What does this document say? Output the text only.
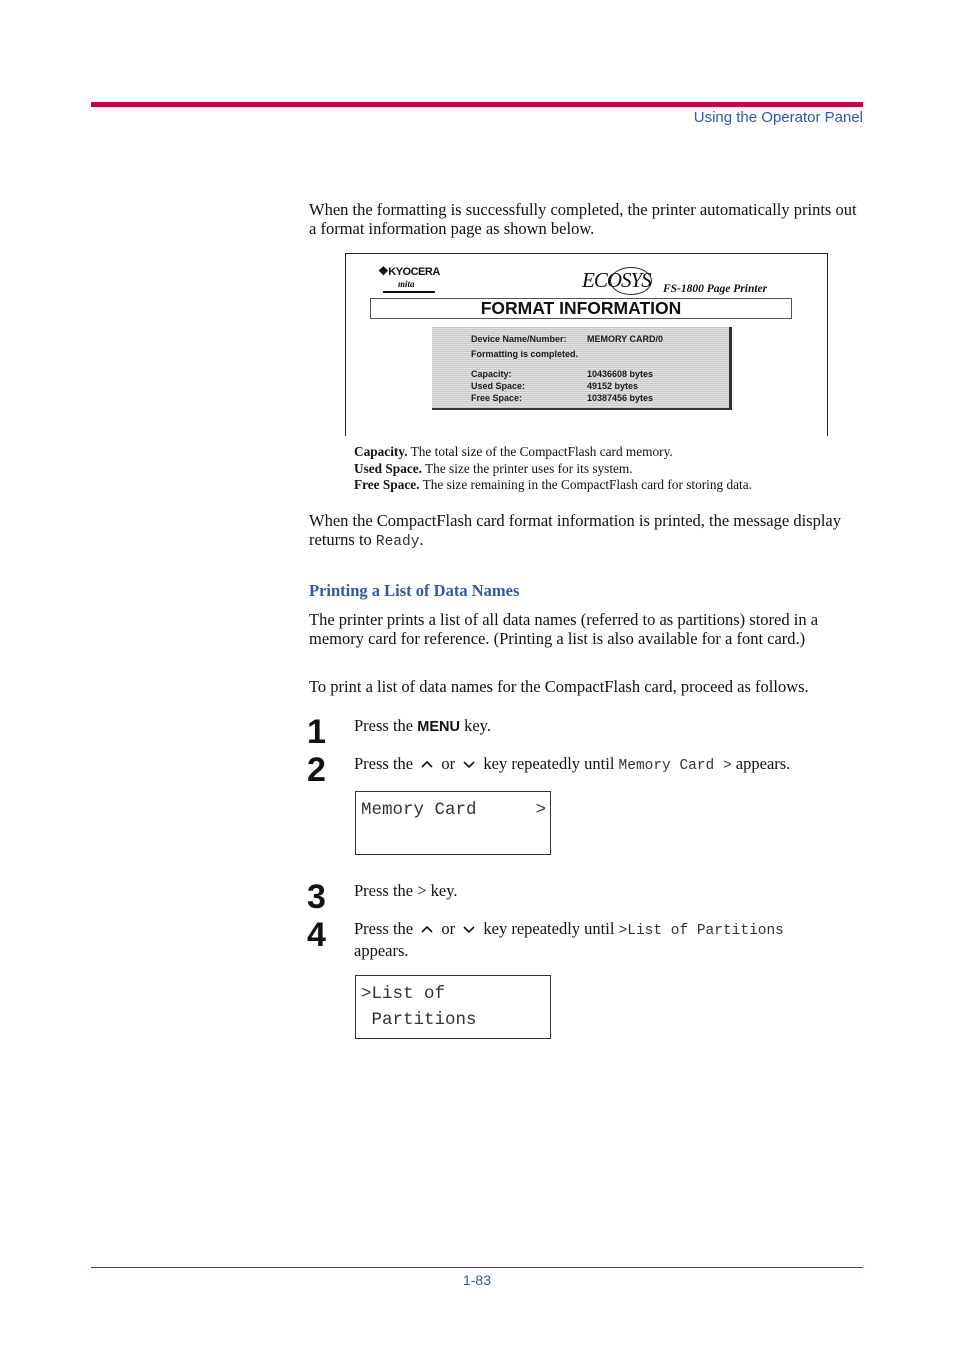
Using the Operator Panel
When the formatting is successfully completed, the printer automatically prints out a format information page as shown below.
❖KYOCERA
mita	ECOSYS FS-1800 Page Printer
FORMAT INFORMATION
Device Name/Number: MEMORY CARD/0
Formatting is completed.
Capacity:	10436608 bytes
Used Space:	49152 bytes
Free Space:	10387456 bytes
Capacity. The total size of the CompactFlash card memory.
Used Space. The size the printer uses for its system.
Free Space. The size remaining in the CompactFlash card for storing data.
When the CompactFlash card format information is printed, the message display returns to Ready.
Printing a List of Data Names
The printer prints a list of all data names (referred to as partitions) stored in a memory card for reference. (Printing a list is also available for a font card.)
To print a list of data names for the CompactFlash card, proceed as follows.
1 Press the MENU key.
2 Press the  or  key repeatedly until Memory Card > appears.
Memory Card	>
3 Press the > key.
4 Press the  or  key repeatedly until >List of Partitions
appears.
>List of
Partitions
1-83
